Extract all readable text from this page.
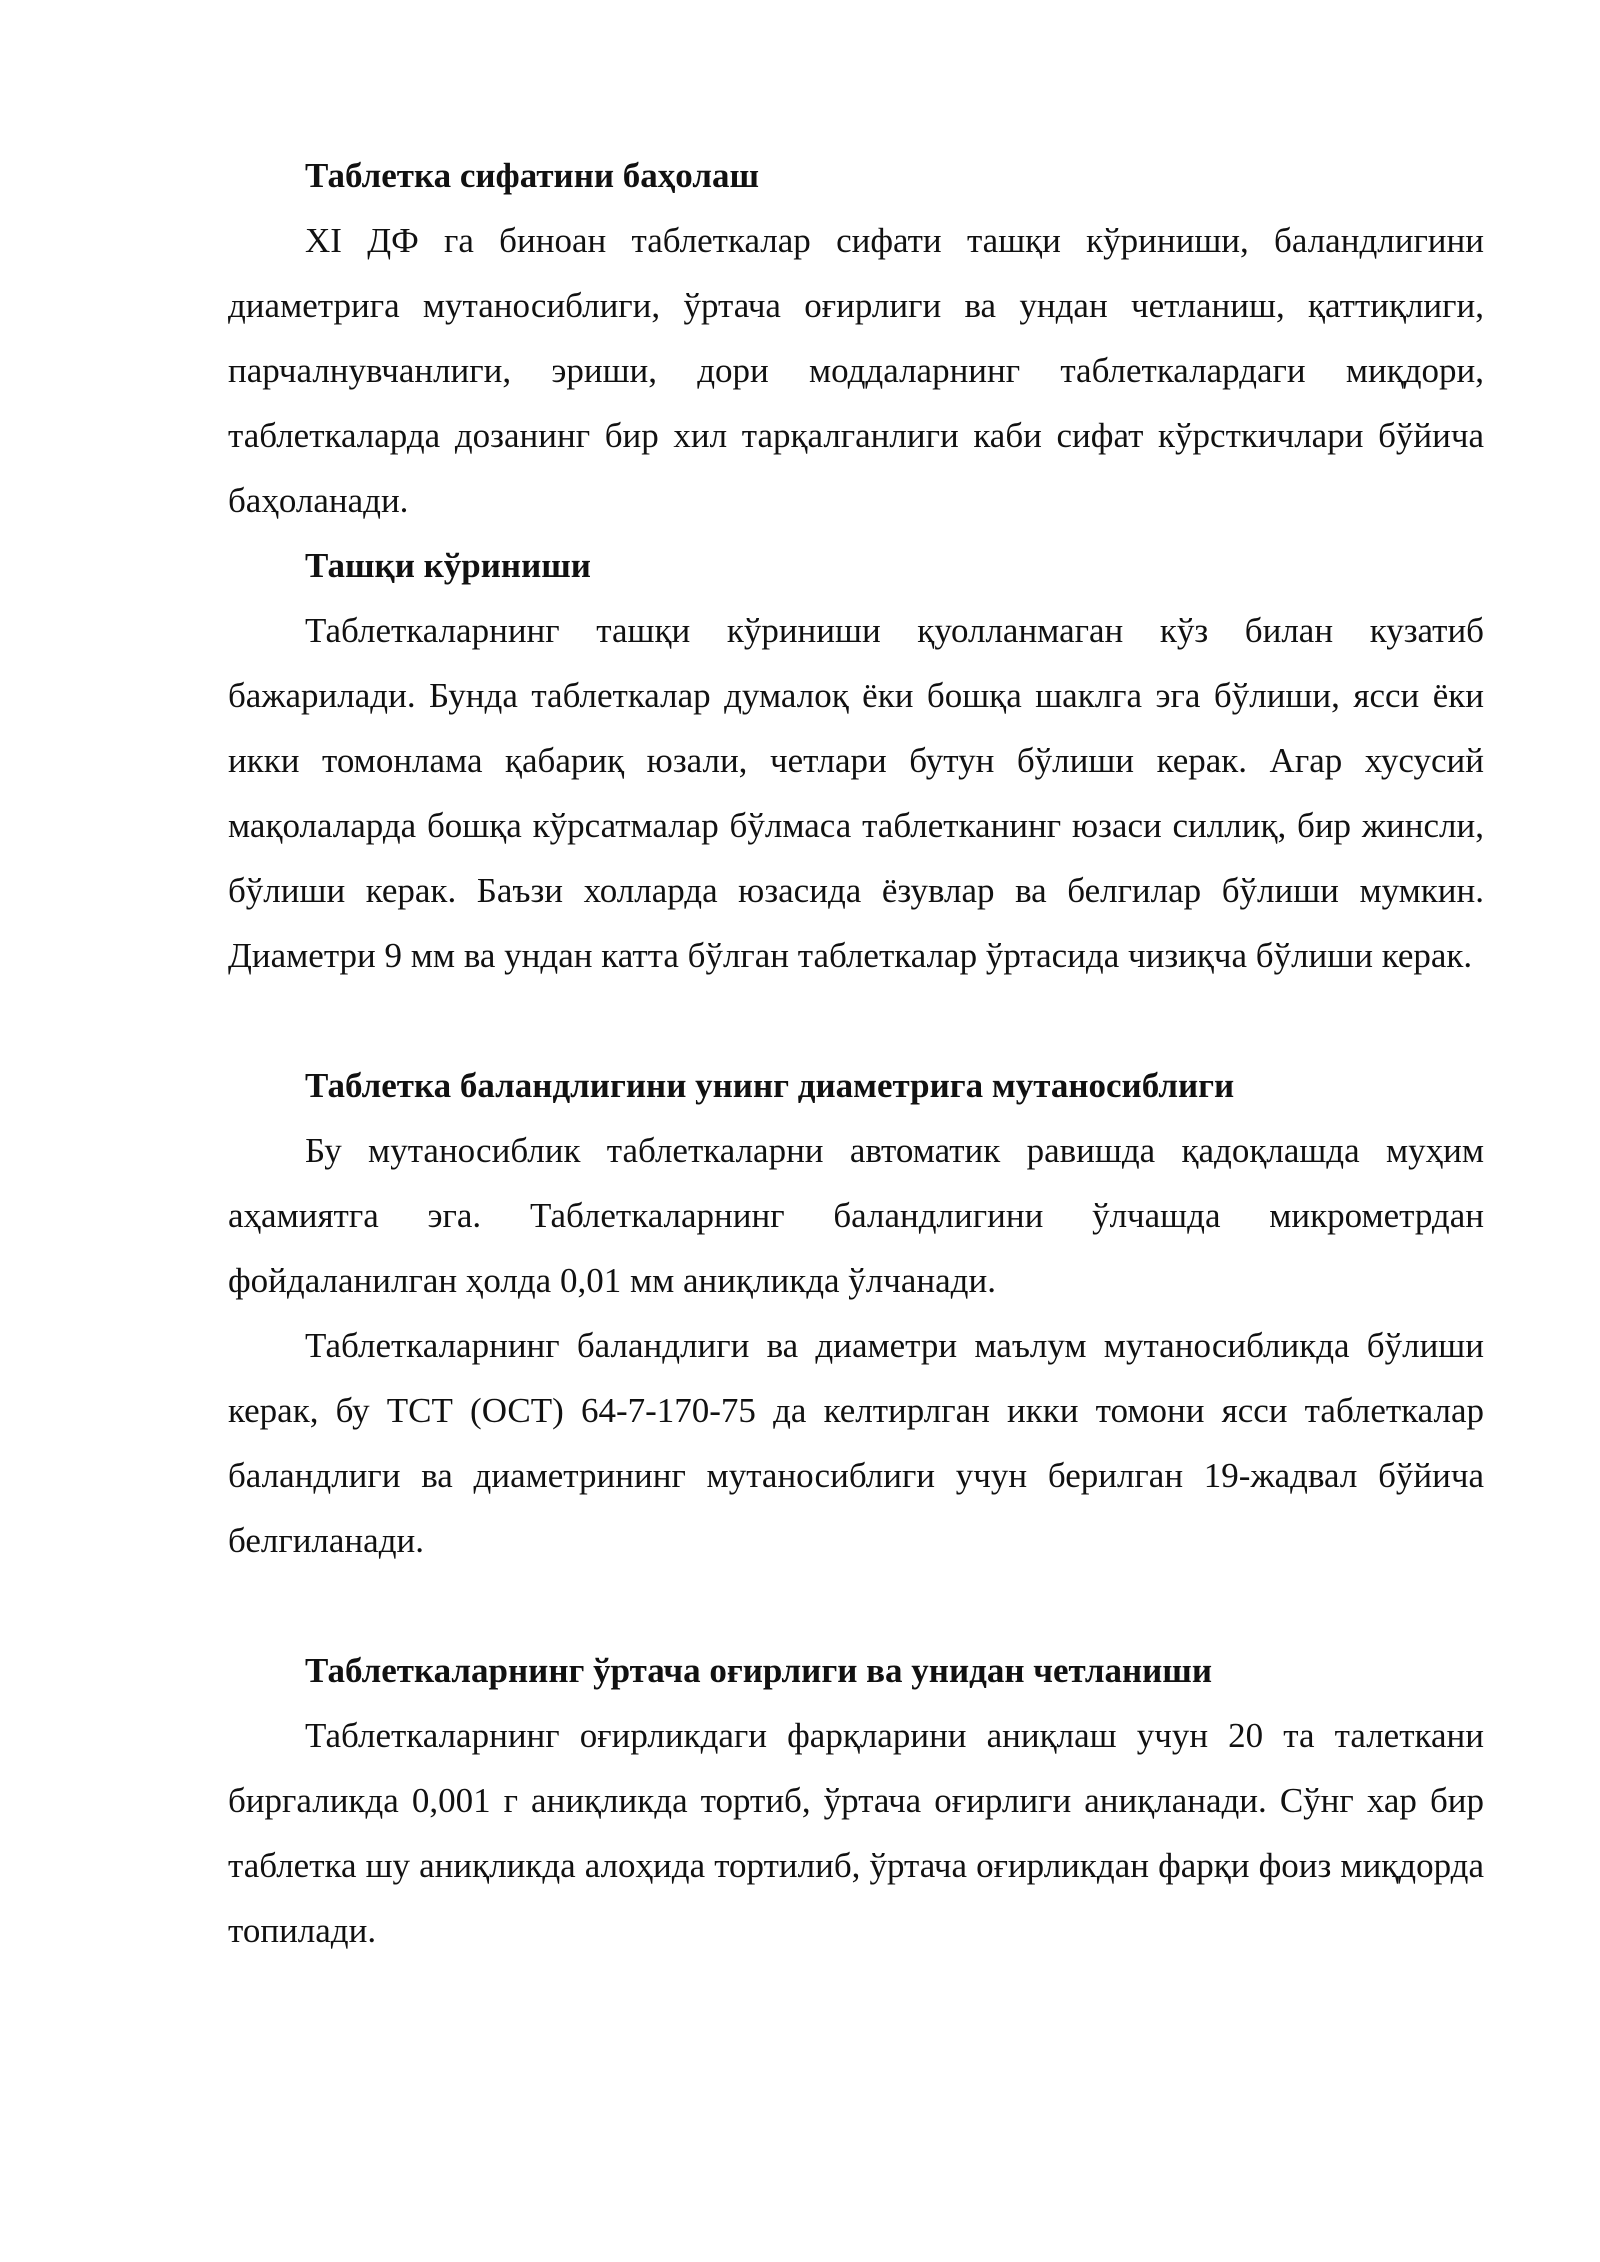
Таблетка сифатини баҳолаш

XI ДФ га биноан таблеткалар сифати ташқи кўриниши, баландлигини диаметрига мутаносиблиги, ўртача оғирлиги ва ундан четланиш, қаттиқлиги, парчалнувчанлиги, эриши, дори моддаларнинг таблеткалардаги миқдори, таблеткаларда дозанинг бир хил тарқалганлиги каби сифат кўрсткичлари бўйича баҳоланади.

Ташқи кўриниши

Таблеткаларнинг ташқи кўриниши қуолланмаган кўз билан кузатиб бажарилади. Бунда таблеткалар думалоқ ёки бошқа шаклга эга бўлиши, ясси ёки икки томонлама қабариқ юзали, четлари бутун бўлиши керак. Агар хусусий мақолаларда бошқа кўрсатмалар бўлмаса таблетканинг юзаси силлиқ, бир жинсли, бўлиши керак. Баъзи холларда юзасида ёзувлар ва белгилар бўлиши мумкин. Диаметри 9 мм ва ундан катта бўлган таблеткалар ўртасида чизиқча бўлиши керак.

Таблетка баландлигини унинг диаметрига мутаносиблиги

Бу мутаносиблик таблеткаларни автоматик равишда қадоқлашда муҳим аҳамиятга эга. Таблеткаларнинг баландлигини ўлчашда микрометрдан фойдаланилган ҳолда 0,01 мм аниқликда ўлчанади.

Таблеткаларнинг баландлиги ва диаметри маълум мутаносибликда бўлиши керак, бу ТСТ (ОСТ) 64-7-170-75 да келтирлган икки томони ясси таблеткалар баландлиги ва диаметрининг мутаносиблиги учун берилган 19-жадвал бўйича белгиланади.

Таблеткаларнинг ўртача оғирлиги ва унидан четланиши

Таблеткаларнинг оғирликдаги фарқларини аниқлаш учун 20 та талеткани биргаликда 0,001 г аниқликда тортиб, ўртача оғирлиги аниқланади. Сўнг хар бир таблетка шу аниқликда алоҳида тортилиб, ўртача оғирликдан фарқи фоиз миқдорда топилади.
